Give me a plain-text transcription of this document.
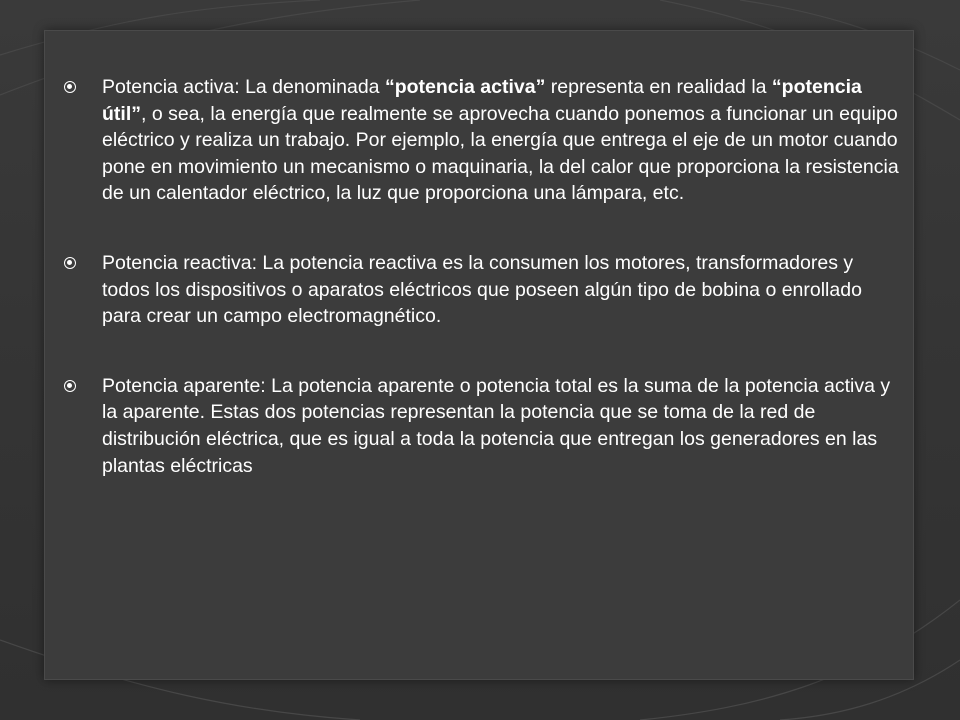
Potencia activa: La denominada “potencia activa” representa en realidad la “potencia útil”, o sea, la energía que realmente se aprovecha cuando ponemos a funcionar un equipo eléctrico y realiza un trabajo. Por ejemplo, la energía que entrega el eje de un motor cuando pone en movimiento un mecanismo o maquinaria, la del calor que proporciona la resistencia de un calentador eléctrico, la luz que proporciona una lámpara, etc.
Potencia reactiva: La potencia reactiva es la consumen los motores, transformadores y todos los dispositivos o aparatos eléctricos que poseen algún tipo de bobina o enrollado para crear un campo electromagnético.
Potencia aparente: La potencia aparente o potencia total es la suma de la potencia activa y la aparente. Estas dos potencias representan la potencia que se toma de la red de distribución eléctrica, que es igual a toda la potencia que entregan los generadores en las plantas eléctricas
